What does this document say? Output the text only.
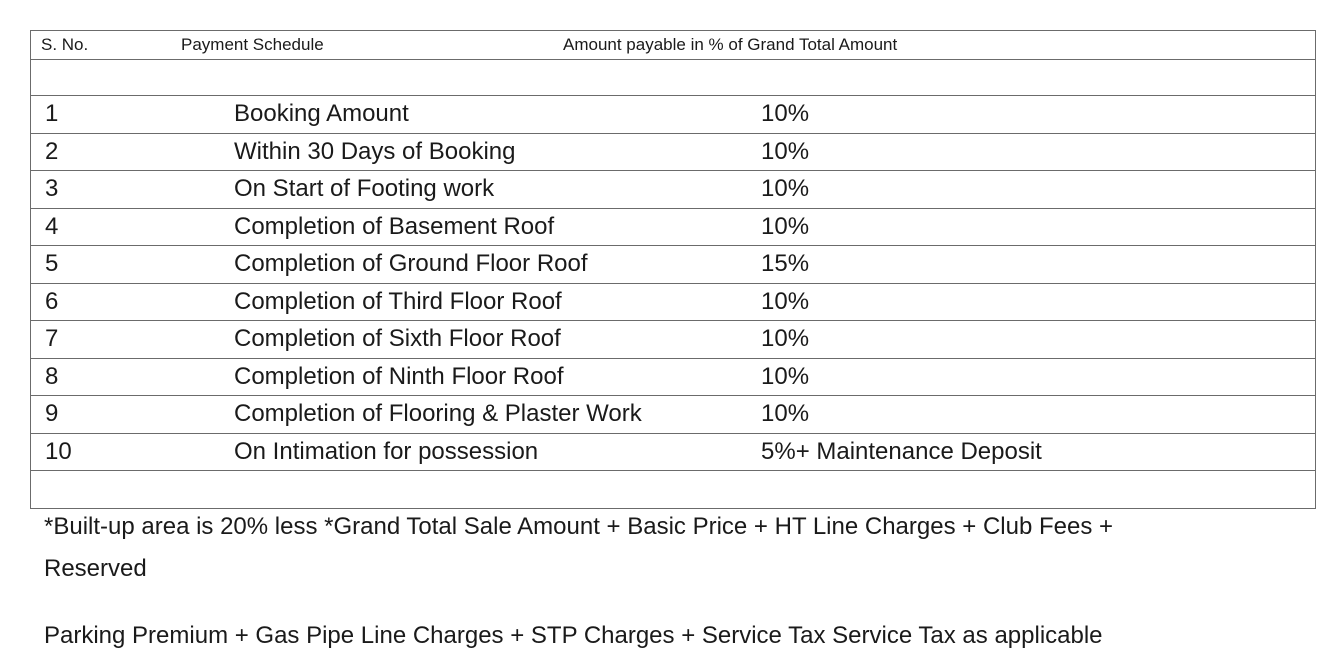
S. No.	Payment Schedule	Amount payable in % of Grand Total Amount
1	Booking Amount	10%
2	Within 30 Days of Booking	10%
3	On Start of Footing work	10%
4	Completion of Basement Roof	10%
5	Completion of Ground Floor Roof	15%
6	Completion of Third Floor Roof	10%
7	Completion of Sixth Floor Roof	10%
8	Completion of Ninth Floor Roof	10%
9	Completion of Flooring & Plaster Work	10%
10	On Intimation for possession	5%+ Maintenance Deposit

*Built-up area is 20% less *Grand Total Sale Amount + Basic Price + HT Line Charges + Club Fees +

Reserved

Parking Premium + Gas Pipe Line Charges + STP Charges + Service Tax Service Tax as applicable
